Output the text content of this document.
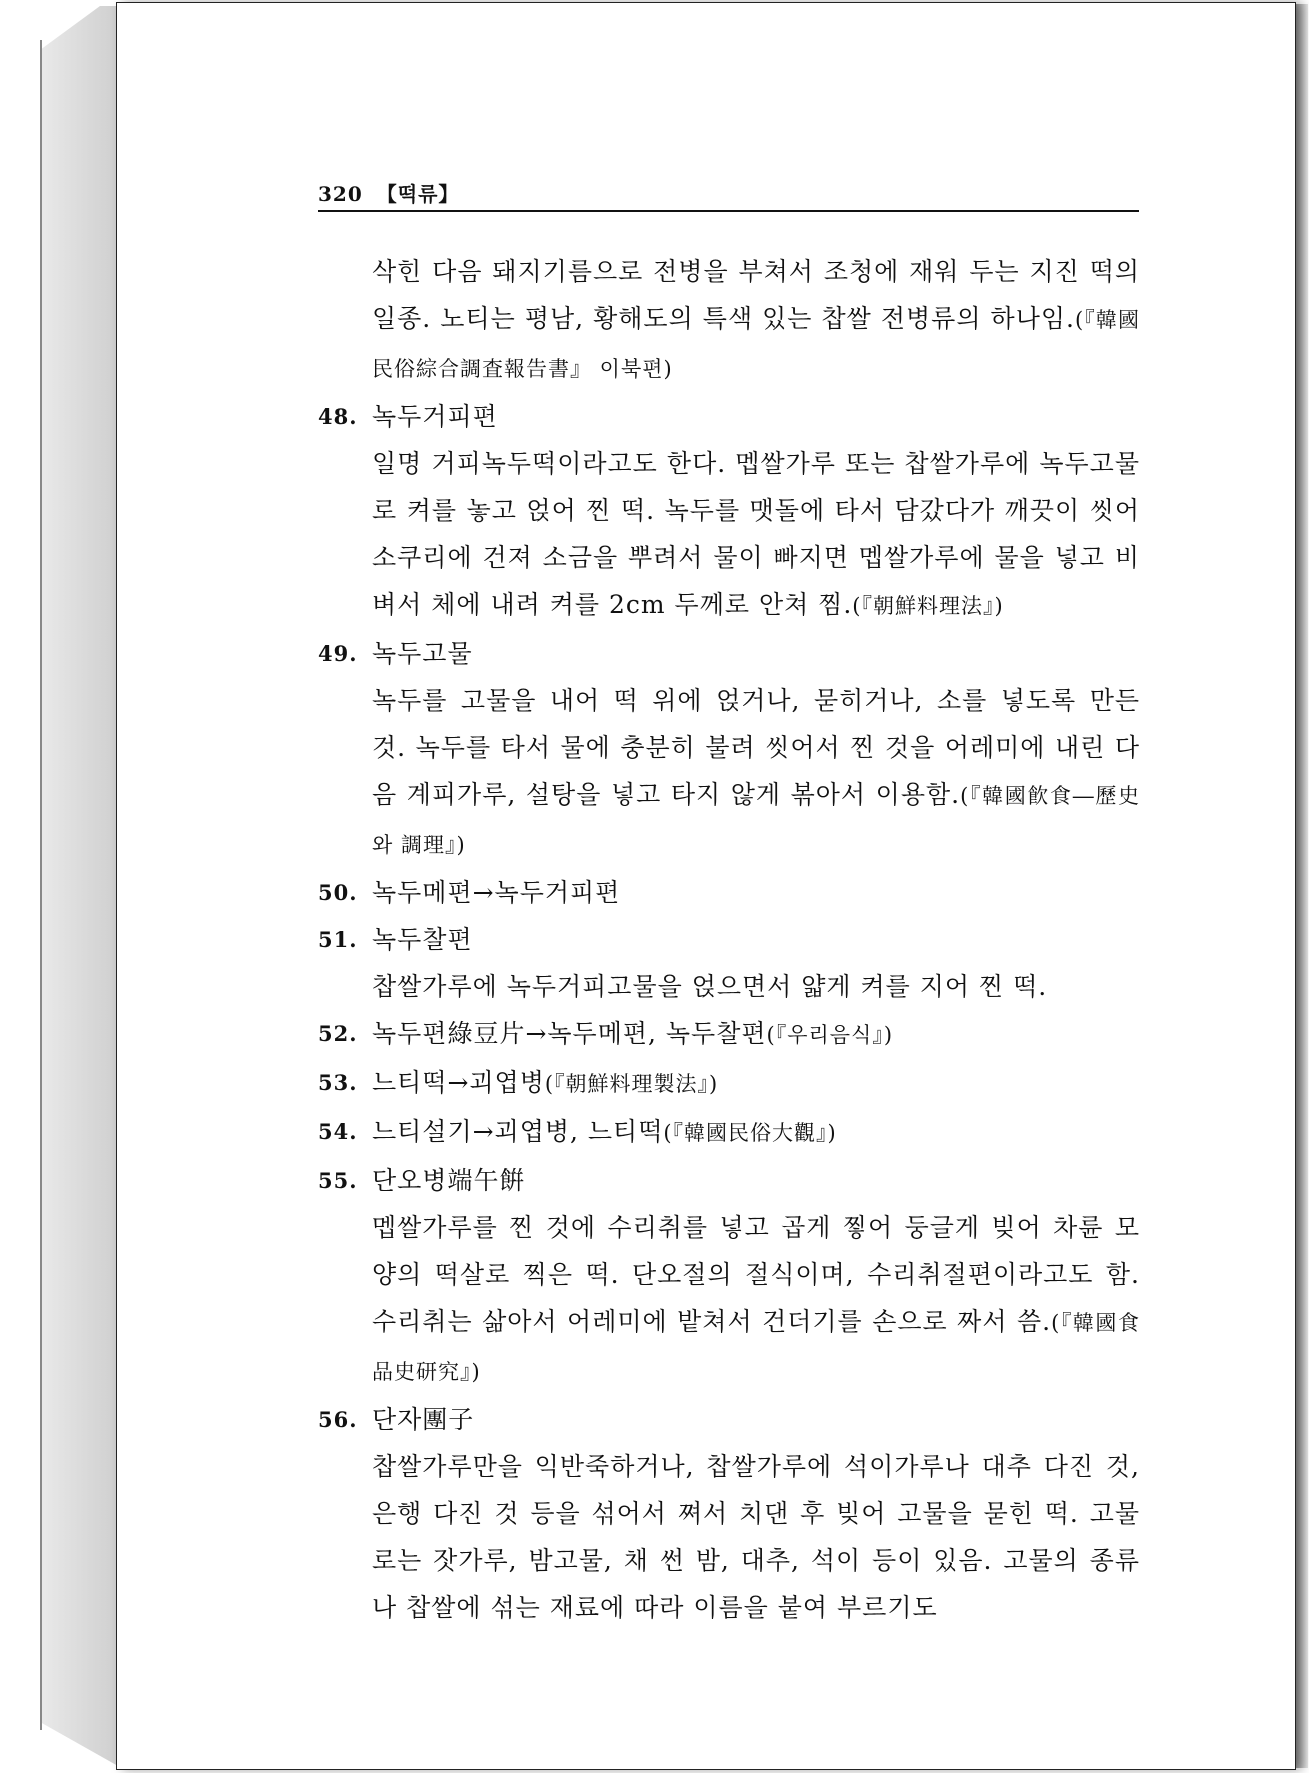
320 【떡류】
삭힌 다음 돼지기름으로 전병을 부쳐서 조청에 재워 두는 지진 떡의 일종. 노티는 평남, 황해도의 특색 있는 찹쌀 전병류의 하나임.(『韓國民俗綜合調査報告書』 이북편)
48. 녹두거피편
일명 거피녹두떡이라고도 한다. 멥쌀가루 또는 찹쌀가루에 녹두고물로 켜를 놓고 얹어 찐 떡. 녹두를 맷돌에 타서 담갔다가 깨끗이 씻어 소쿠리에 건져 소금을 뿌려서 물이 빠지면 멥쌀가루에 물을 넣고 비벼서 체에 내려 켜를 2cm 두께로 안쳐 찜.(『朝鮮料理法』)
49. 녹두고물
녹두를 고물을 내어 떡 위에 얹거나, 묻히거나, 소를 넣도록 만든 것. 녹두를 타서 물에 충분히 불려 씻어서 찐 것을 어레미에 내린 다음 계피가루, 설탕을 넣고 타지 않게 볶아서 이용함.(『韓國飮食―歷史와 調理』)
50. 녹두메편→녹두거피편
51. 녹두찰편
찹쌀가루에 녹두거피고물을 얹으면서 얇게 켜를 지어 찐 떡.
52. 녹두편綠豆片→녹두메편, 녹두찰편(『우리음식』)
53. 느티떡→괴엽병(『朝鮮料理製法』)
54. 느티설기→괴엽병, 느티떡(『韓國民俗大觀』)
55. 단오병端午餠
멥쌀가루를 찐 것에 수리취를 넣고 곱게 찧어 둥글게 빚어 차륜 모양의 떡살로 찍은 떡. 단오절의 절식이며, 수리취절편이라고도 함. 수리취는 삶아서 어레미에 밭쳐서 건더기를 손으로 짜서 씀.(『韓國食品史研究』)
56. 단자團子
찹쌀가루만을 익반죽하거나, 찹쌀가루에 석이가루나 대추 다진 것, 은행 다진 것 등을 섞어서 쪄서 치댄 후 빚어 고물을 묻힌 떡. 고물로는 잣가루, 밤고물, 채 썬 밤, 대추, 석이 등이 있음. 고물의 종류나 찹쌀에 섞는 재료에 따라 이름을 붙여 부르기도
